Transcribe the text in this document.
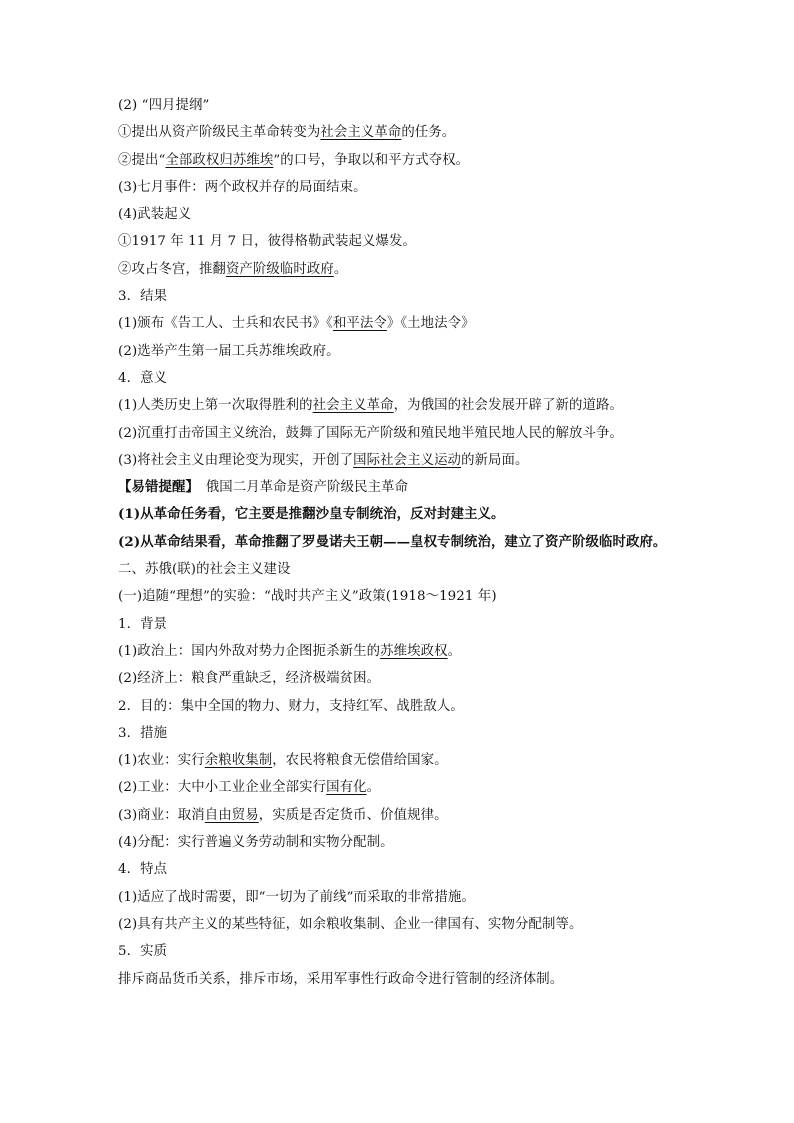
(2) “四月提纲”
①提出从资产阶级民主革命转变为社会主义革命的任务。
②提出“全部政权归苏维埃”的口号，争取以和平方式夺权。
(3)七月事件：两个政权并存的局面结束。
(4)武装起义
①1917 年 11 月 7 日，彼得格勒武装起义爆发。
②攻占冬宫，推翻资产阶级临时政府。
3．结果
(1)颁布《告工人、士兵和农民书》《和平法令》《土地法令》
(2)选举产生第一届工兵苏维埃政府。
4．意义
(1)人类历史上第一次取得胜利的社会主义革命，为俄国的社会发展开辟了新的道路。
(2)沉重打击帝国主义统治，鼓舞了国际无产阶级和殖民地半殖民地人民的解放斗争。
(3)将社会主义由理论变为现实，开创了国际社会主义运动的新局面。
【易错提醒】　俄国二月革命是资产阶级民主革命
(1)从革命任务看，它主要是推翻沙皇专制统治，反对封建主义。
(2)从革命结果看，革命推翻了罗曼诺夫王朝——皇权专制统治，建立了资产阶级临时政府。
二、苏俄(联)的社会主义建设
(一)追随“理想”的实验：“战时共产主义”政策(1918～1921 年)
1．背景
(1)政治上：国内外敌对势力企图扼杀新生的苏维埃政权。
(2)经济上：粮食严重缺乏，经济极端贫困。
2．目的：集中全国的物力、财力，支持红军、战胜敌人。
3．措施
(1)农业：实行余粮收集制，农民将粮食无偿借给国家。
(2)工业：大中小工业企业全部实行国有化。
(3)商业：取消自由贸易，实质是否定货币、价值规律。
(4)分配：实行普遍义务劳动制和实物分配制。
4．特点
(1)适应了战时需要，即“一切为了前线”而采取的非常措施。
(2)具有共产主义的某些特征，如余粮收集制、企业一律国有、实物分配制等。
5．实质
排斥商品货币关系，排斥市场，采用军事性行政命令进行管制的经济体制。
